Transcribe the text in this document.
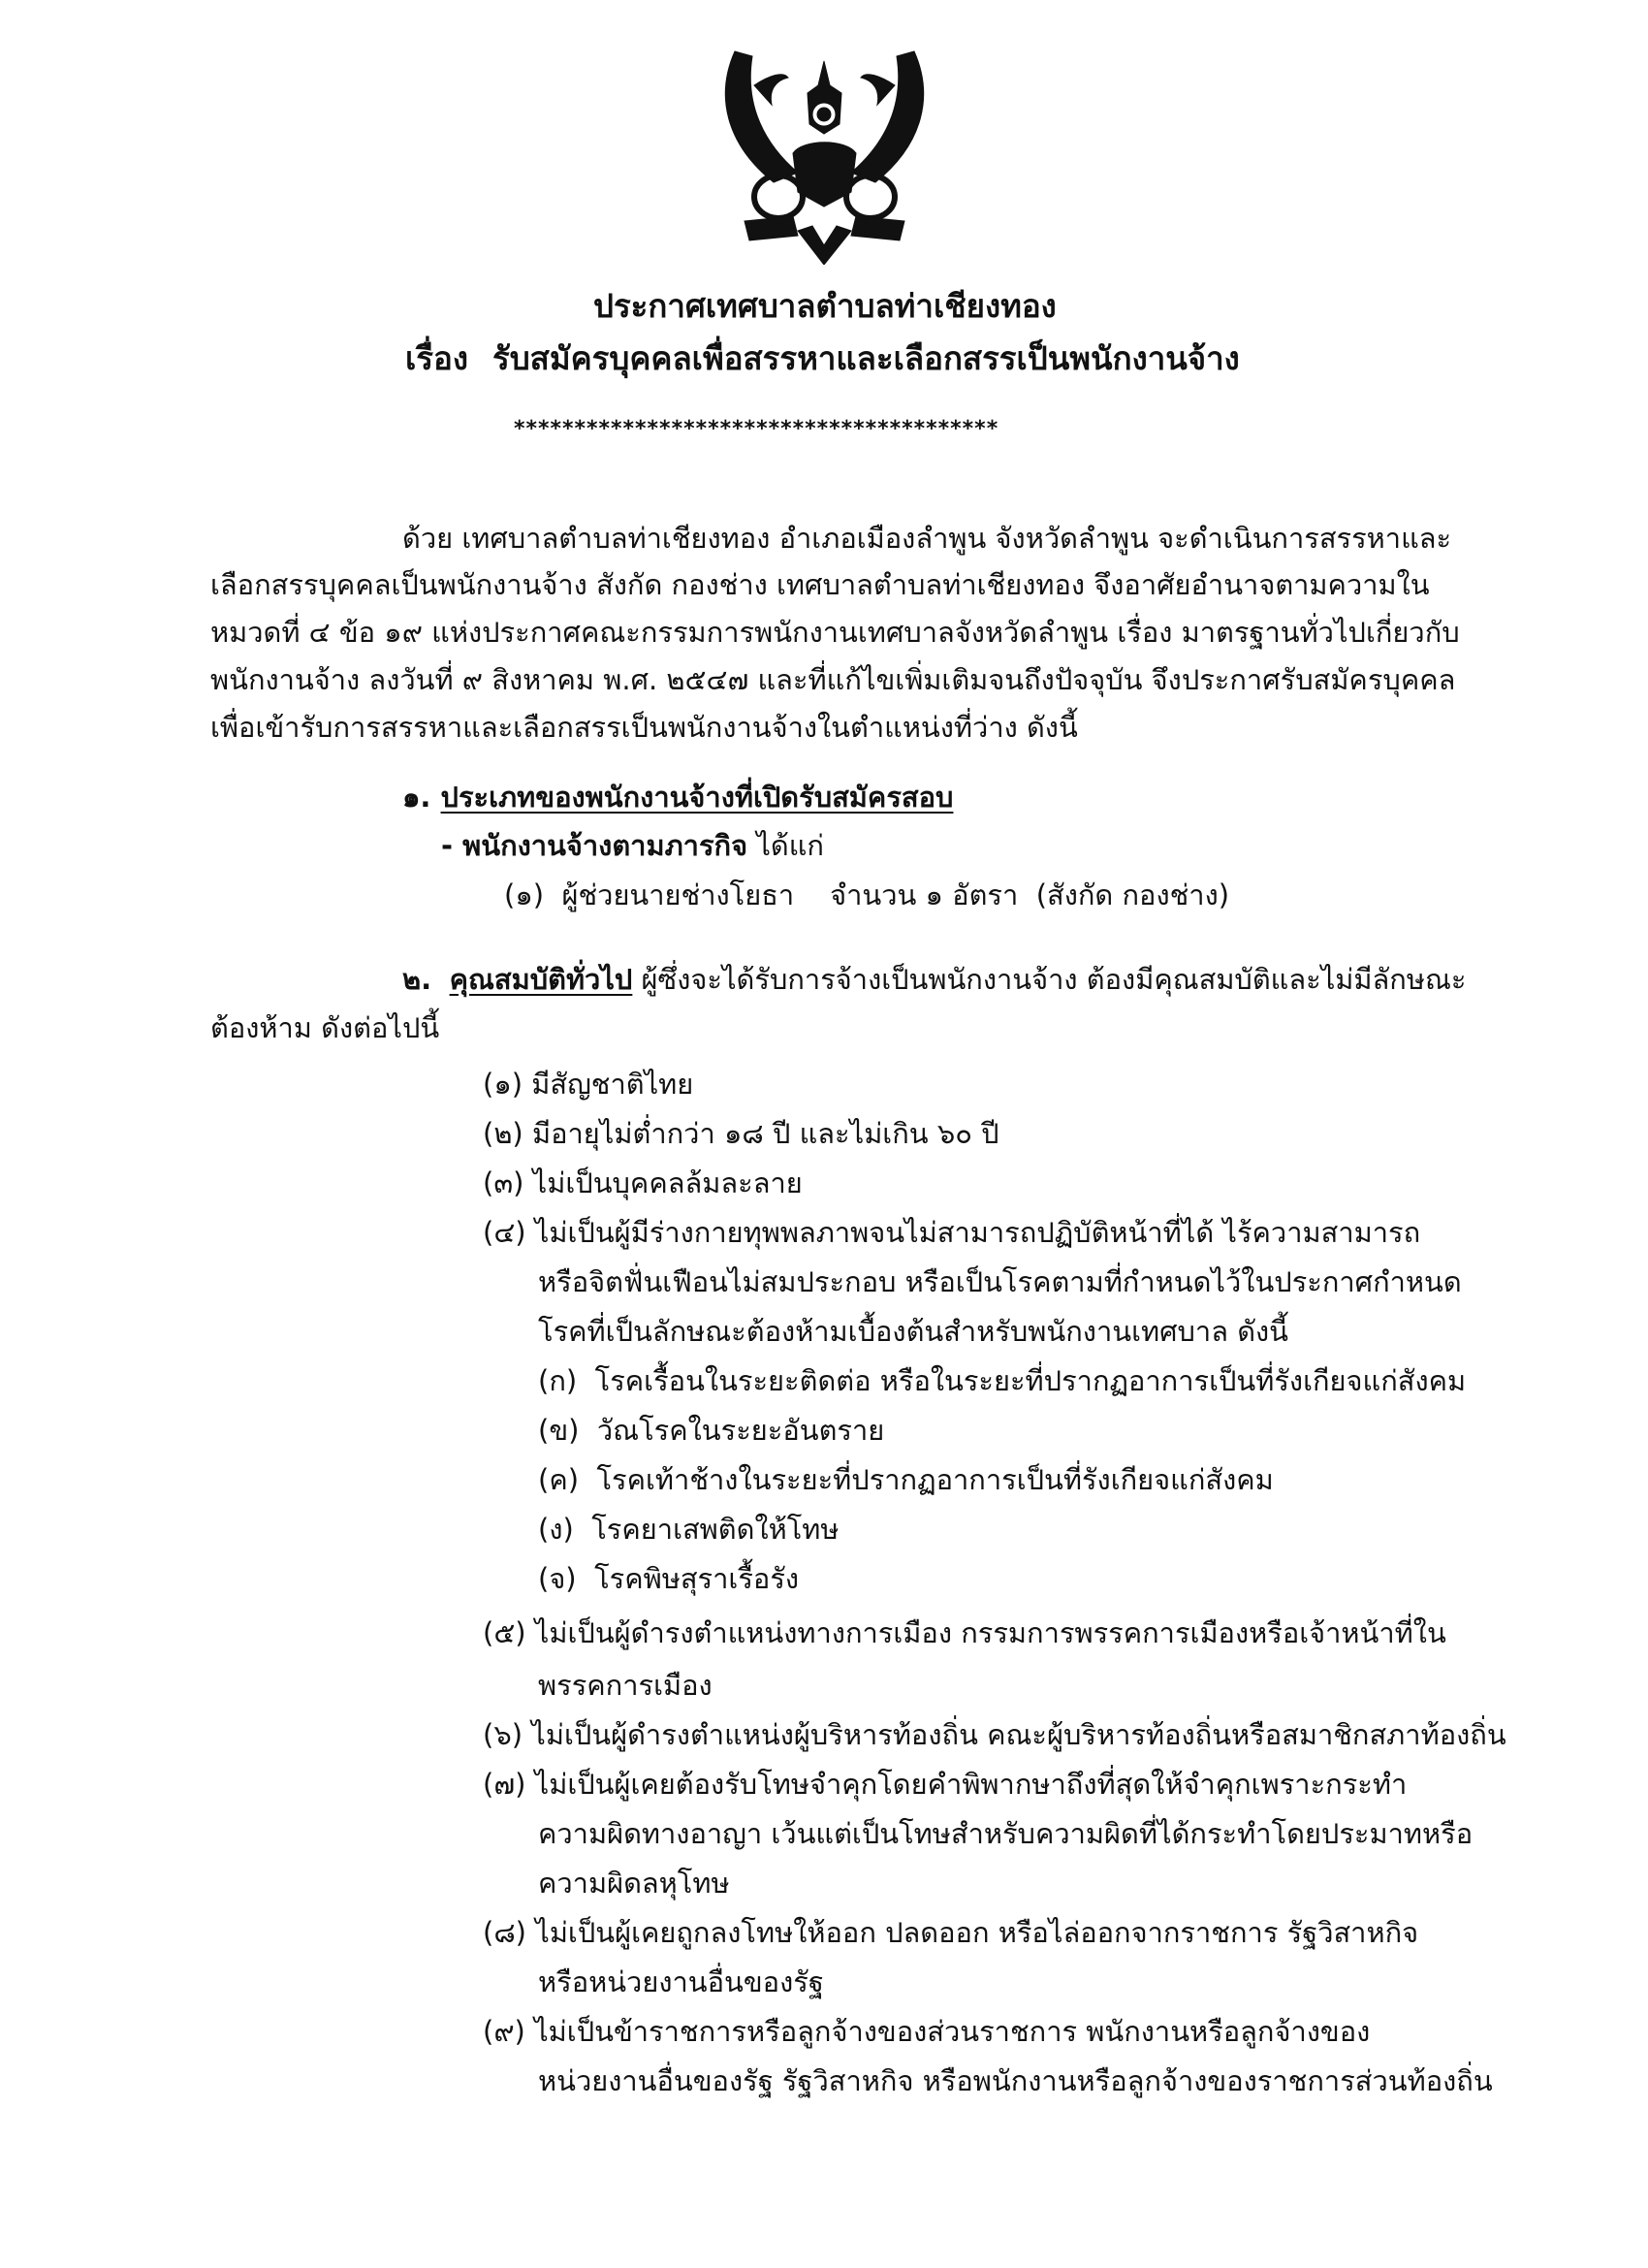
ประกาศเทศบาลตำบลท่าเชียงทอง
เรื่อง รับสมัครบุคคลเพื่อสรรหาและเลือกสรรเป็นพนักงานจ้าง
****************************************
ด้วย เทศบาลตำบลท่าเชียงทอง อำเภอเมืองลำพูน จังหวัดลำพูน จะดำเนินการสรรหาและ
เลือกสรรบุคคลเป็นพนักงานจ้าง สังกัด กองช่าง เทศบาลตำบลท่าเชียงทอง จึงอาศัยอำนาจตามความใน
หมวดที่ ๔ ข้อ ๑๙ แห่งประกาศคณะกรรมการพนักงานเทศบาลจังหวัดลำพูน เรื่อง มาตรฐานทั่วไปเกี่ยวกับ
พนักงานจ้าง ลงวันที่ ๙ สิงหาคม พ.ศ. ๒๕๔๗ และที่แก้ไขเพิ่มเติมจนถึงปัจจุบัน จึงประกาศรับสมัครบุคคล
เพื่อเข้ารับการสรรหาและเลือกสรรเป็นพนักงานจ้างในตำแหน่งที่ว่าง ดังนี้
๑. ประเภทของพนักงานจ้างที่เปิดรับสมัครสอบ
- พนักงานจ้างตามภารกิจ ได้แก่
(๑) ผู้ช่วยนายช่างโยธา จำนวน ๑ อัตรา (สังกัด กองช่าง)
๒. คุณสมบัติทั่วไป ผู้ซึ่งจะได้รับการจ้างเป็นพนักงานจ้าง ต้องมีคุณสมบัติและไม่มีลักษณะ
ต้องห้าม ดังต่อไปนี้
(๑) มีสัญชาติไทย
(๒) มีอายุไม่ต่ำกว่า ๑๘ ปี และไม่เกิน ๖๐ ปี
(๓) ไม่เป็นบุคคลล้มละลาย
(๔) ไม่เป็นผู้มีร่างกายทุพพลภาพจนไม่สามารถปฏิบัติหน้าที่ได้ ไร้ความสามารถ
หรือจิตฟั่นเฟือนไม่สมประกอบ หรือเป็นโรคตามที่กำหนดไว้ในประกาศกำหนด
โรคที่เป็นลักษณะต้องห้ามเบื้องต้นสำหรับพนักงานเทศบาล ดังนี้
(ก) โรคเรื้อนในระยะติดต่อ หรือในระยะที่ปรากฏอาการเป็นที่รังเกียจแก่สังคม
(ข) วัณโรคในระยะอันตราย
(ค) โรคเท้าช้างในระยะที่ปรากฏอาการเป็นที่รังเกียจแก่สังคม
(ง) โรคยาเสพติดให้โทษ
(จ) โรคพิษสุราเรื้อรัง
(๕) ไม่เป็นผู้ดำรงตำแหน่งทางการเมือง กรรมการพรรคการเมืองหรือเจ้าหน้าที่ใน
พรรคการเมือง
(๖) ไม่เป็นผู้ดำรงตำแหน่งผู้บริหารท้องถิ่น คณะผู้บริหารท้องถิ่นหรือสมาชิกสภาท้องถิ่น
(๗) ไม่เป็นผู้เคยต้องรับโทษจำคุกโดยคำพิพากษาถึงที่สุดให้จำคุกเพราะกระทำ
ความผิดทางอาญา เว้นแต่เป็นโทษสำหรับความผิดที่ได้กระทำโดยประมาทหรือ
ความผิดลหุโทษ
(๘) ไม่เป็นผู้เคยถูกลงโทษให้ออก ปลดออก หรือไล่ออกจากราชการ รัฐวิสาหกิจ
หรือหน่วยงานอื่นของรัฐ
(๙) ไม่เป็นข้าราชการหรือลูกจ้างของส่วนราชการ พนักงานหรือลูกจ้างของ
หน่วยงานอื่นของรัฐ รัฐวิสาหกิจ หรือพนักงานหรือลูกจ้างของราชการส่วนท้องถิ่น
